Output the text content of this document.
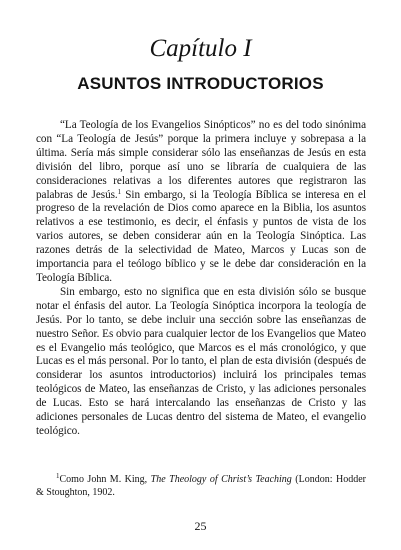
Capítulo I
ASUNTOS INTRODUCTORIOS

“La Teología de los Evangelios Sinópticos” no es del todo sinónima con “La Teología de Jesús” porque la primera incluye y sobrepasa a la última. Sería más simple considerar sólo las enseñanzas de Jesús en esta división del libro, porque así uno se libraría de cualquiera de las consideraciones relativas a los diferentes autores que registraron las palabras de Jesús.$^1$ Sin embargo, si la Teología Bíblica se interesa en el progreso de la revelación de Dios como aparece en la Biblia, los asuntos relativos a ese testimonio, es decir, el énfasis y puntos de vista de los varios autores, se deben considerar aún en la Teología Sinóptica. Las razones detrás de la selectividad de Mateo, Marcos y Lucas son de importancia para el teólogo bíblico y se le debe dar consideración en la Teología Bíblica.

Sin embargo, esto no significa que en esta división sólo se busque notar el énfasis del autor. La Teología Sinóptica incorpora la teología de Jesús. Por lo tanto, se debe incluir una sección sobre las enseñanzas de nuestro Señor. Es obvio para cualquier lector de los Evangelios que Mateo es el Evangelio más teológico, que Marcos es el más cronológico, y que Lucas es el más personal. Por lo tanto, el plan de esta división (después de considerar los asuntos introductorios) incluirá los principales temas teológicos de Mateo, las enseñanzas de Cristo, y las adiciones personales de Lucas. Esto se hará intercalando las enseñanzas de Cristo y las adiciones personales de Lucas dentro del sistema de Mateo, el evangelio teológico.

$^1$Como John M. King, The Theology of Christ’s Teaching (London: Hodder & Stoughton, 1902.
25
